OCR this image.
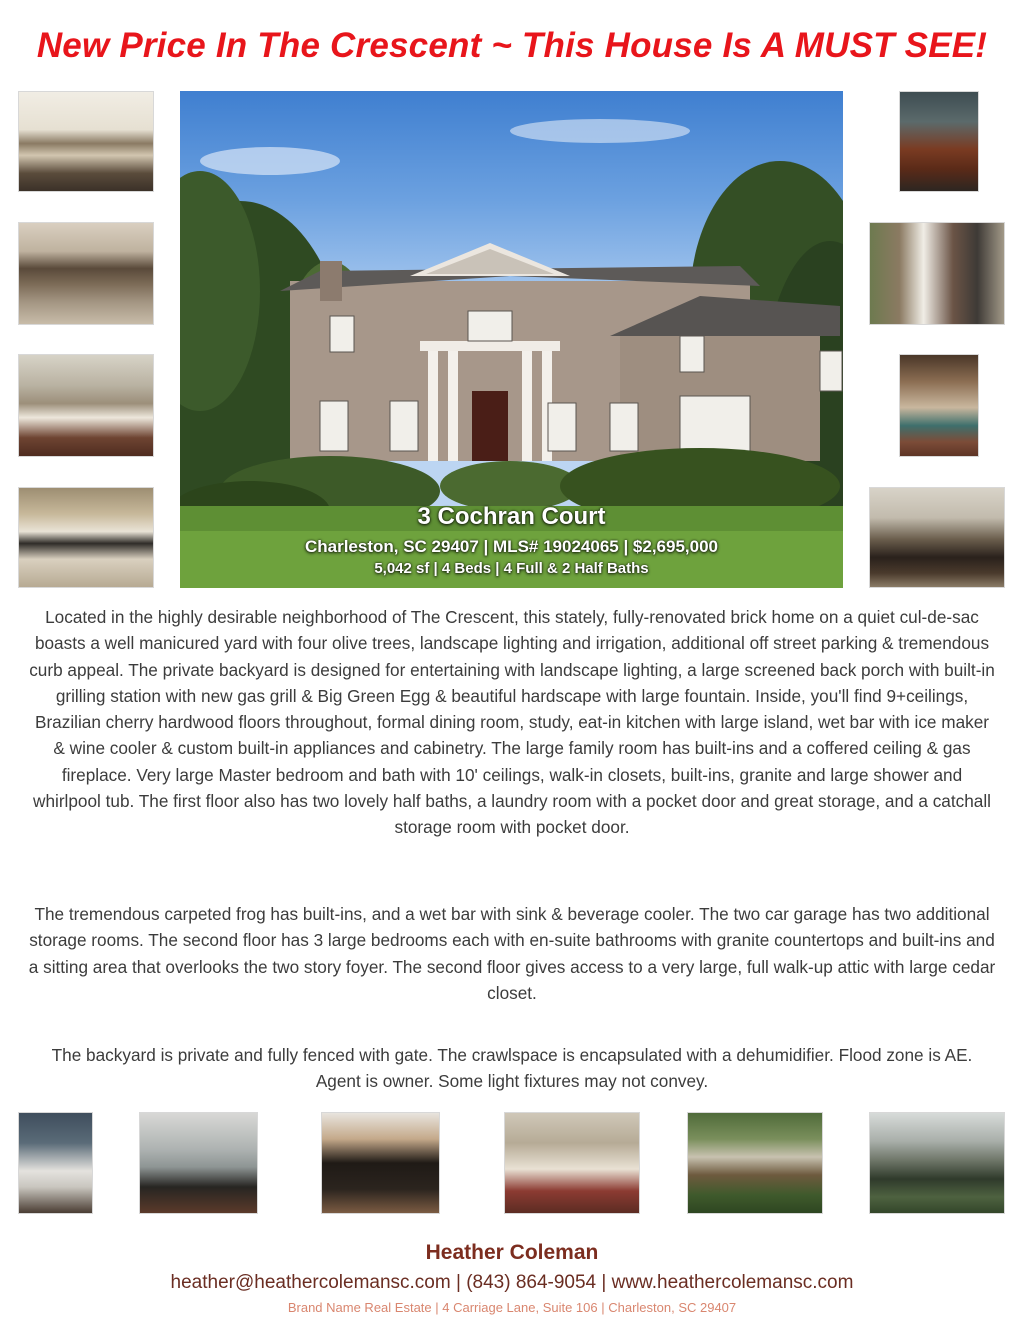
New Price In The Crescent ~ This House Is A MUST SEE!
3 Cochran Court
Charleston, SC 29407 | MLS# 19024065 | $2,695,000
5,042 sf | 4 Beds | 4 Full & 2 Half Baths

Located in the highly desirable neighborhood of The Crescent, this stately, fully-renovated brick home on a quiet cul-de-sac boasts a well manicured yard with four olive trees, landscape lighting and irrigation, additional off street parking & tremendous curb appeal. The private backyard is designed for entertaining with landscape lighting, a large screened back porch with built-in grilling station with new gas grill & Big Green Egg & beautiful hardscape with large fountain. Inside, you'll find 9+ceilings, Brazilian cherry hardwood floors throughout, formal dining room, study, eat-in kitchen with large island, wet bar with ice maker & wine cooler & custom built-in appliances and cabinetry. The large family room has built-ins and a coffered ceiling & gas fireplace. Very large Master bedroom and bath with 10' ceilings, walk-in closets, built-ins, granite and large shower and whirlpool tub. The first floor also has two lovely half baths, a laundry room with a pocket door and great storage, and a catchall storage room with pocket door.

The tremendous carpeted frog has built-ins, and a wet bar with sink & beverage cooler. The two car garage has two additional storage rooms. The second floor has 3 large bedrooms each with en-suite bathrooms with granite countertops and built-ins and a sitting area that overlooks the two story foyer. The second floor gives access to a very large, full walk-up attic with large cedar closet.

The backyard is private and fully fenced with gate. The crawlspace is encapsulated with a dehumidifier. Flood zone is AE. Agent is owner. Some light fixtures may not convey.

Heather Coleman
heather@heathercolemansc.com | (843) 864-9054 | www.heathercolemansc.com
Brand Name Real Estate | 4 Carriage Lane, Suite 106 | Charleston, SC 29407
